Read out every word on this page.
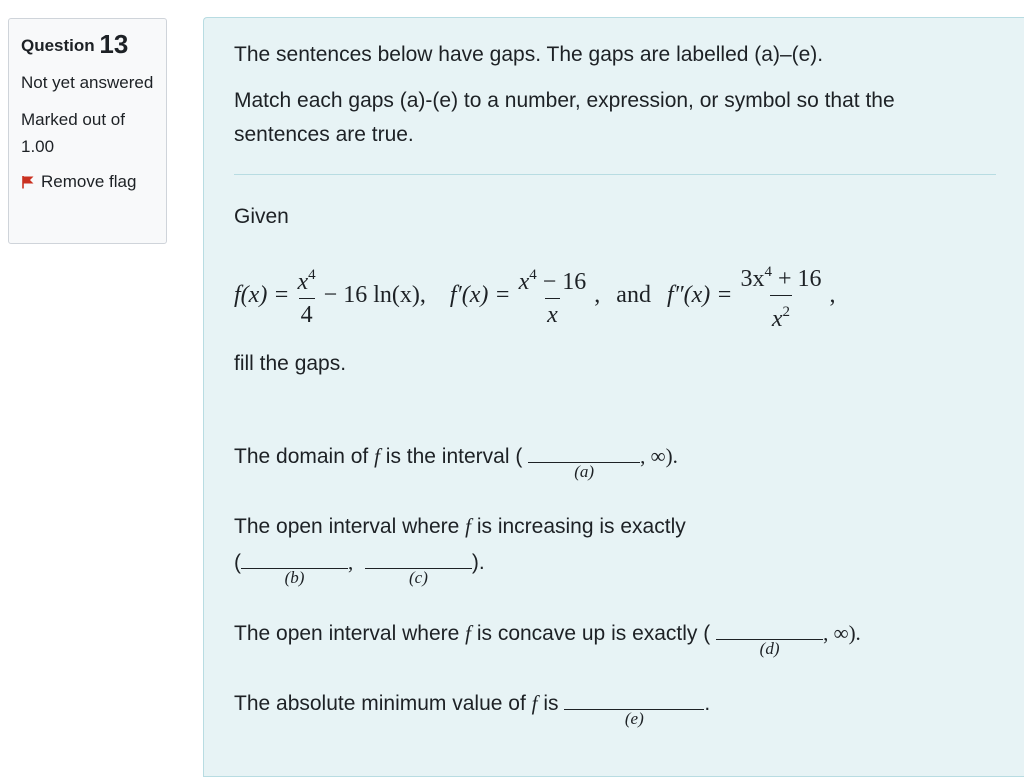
Question 13
Not yet answered
Marked out of 1.00
Remove flag

The sentences below have gaps. The gaps are labelled (a)–(e).

Match each gaps (a)-(e) to a number, expression, or symbol so that the

sentences are true.

Given

$f(x) = \frac{x^4}{4} - 16$ ln(x), $f'(x) = \frac{x^4 - 16}{x}$ , and $f''(x) = \frac{3x^4 + 16}{x^2}$ ,

fill the gaps.

The domain of f is the interval (
(a)
, ∞).

The open interval where f is increasing is exactly

(
(b)
,
(c)
).

The open interval where f is concave up is exactly (
(d)
, ∞).

The absolute minimum value of f is
(e)
.
